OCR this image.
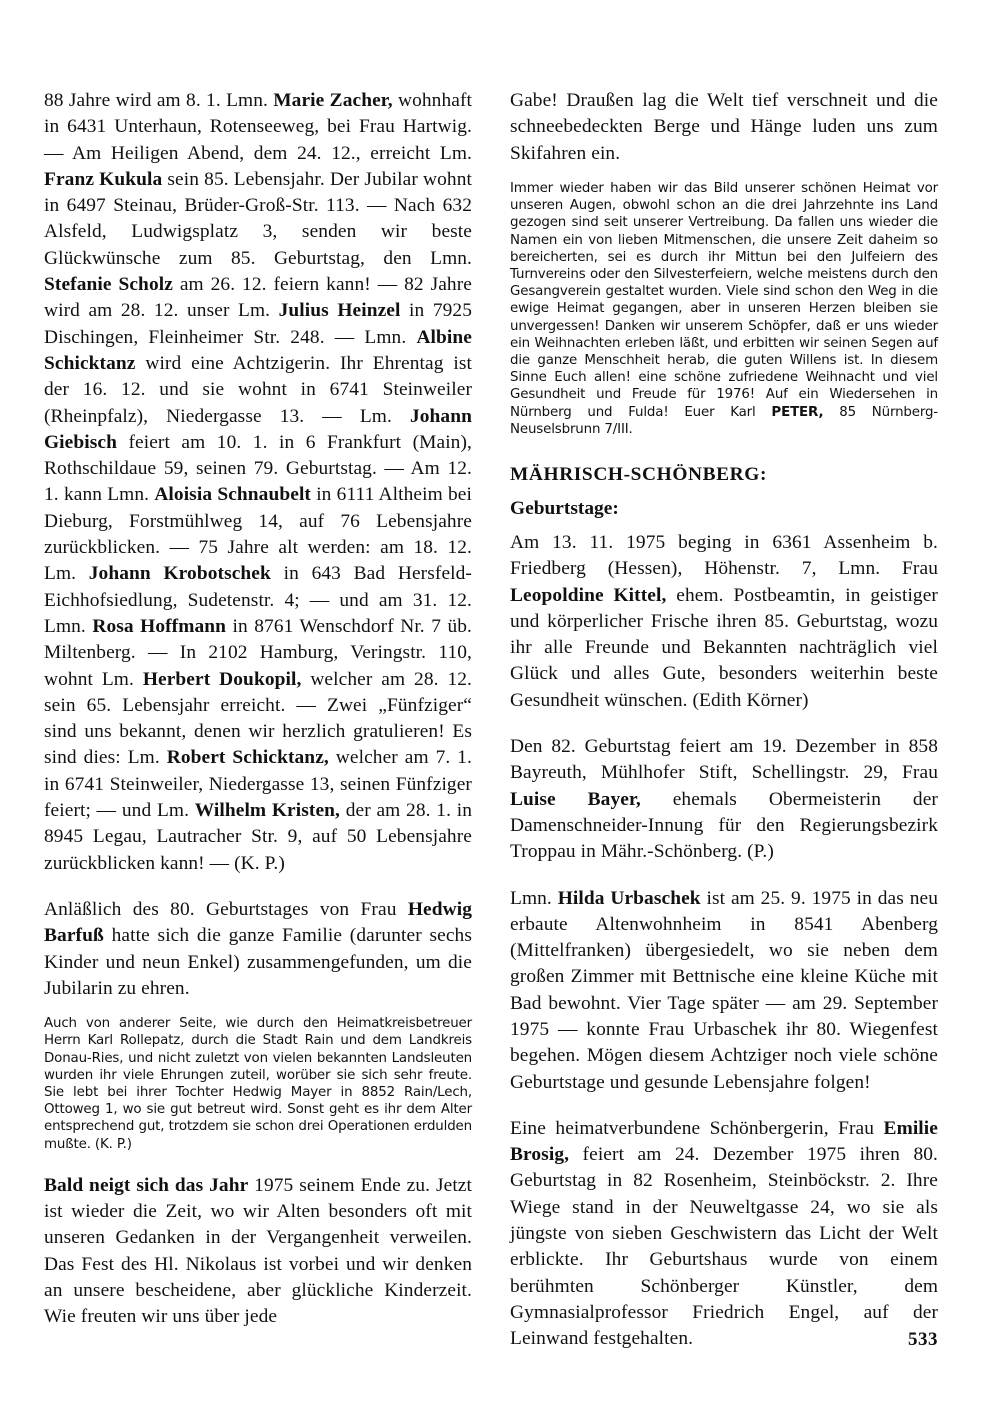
88 Jahre wird am 8. 1. Lmn. Marie Zacher, wohnhaft in 6431 Unterhaun, Rotenseeweg, bei Frau Hartwig. — Am Heiligen Abend, dem 24. 12., erreicht Lm. Franz Kukula sein 85. Lebensjahr. Der Jubilar wohnt in 6497 Steinau, Brüder-Groß-Str. 113. — Nach 632 Alsfeld, Ludwigsplatz 3, senden wir beste Glückwünsche zum 85. Geburtstag, den Lmn. Stefanie Scholz am 26. 12. feiern kann! — 82 Jahre wird am 28. 12. unser Lm. Julius Heinzel in 7925 Dischingen, Fleinheimer Str. 248. — Lmn. Albine Schicktanz wird eine Achtzigerin. Ihr Ehrentag ist der 16. 12. und sie wohnt in 6741 Steinweiler (Rheinpfalz), Niedergasse 13. — Lm. Johann Giebisch feiert am 10. 1. in 6 Frankfurt (Main), Rothschildaue 59, seinen 79. Geburtstag. — Am 12. 1. kann Lmn. Aloisia Schnaubelt in 6111 Altheim bei Dieburg, Forstmühlweg 14, auf 76 Lebensjahre zurückblicken. — 75 Jahre alt werden: am 18. 12. Lm. Johann Krobotschek in 643 Bad Hersfeld-Eichhofsiedlung, Sudetenstr. 4; — und am 31. 12. Lmn. Rosa Hoffmann in 8761 Wenschdorf Nr. 7 üb. Miltenberg. — In 2102 Hamburg, Veringstr. 110, wohnt Lm. Herbert Doukopil, welcher am 28. 12. sein 65. Lebensjahr erreicht. — Zwei „Fünfziger“ sind uns bekannt, denen wir herzlich gratulieren! Es sind dies: Lm. Robert Schicktanz, welcher am 7. 1. in 6741 Steinweiler, Niedergasse 13, seinen Fünfziger feiert; — und Lm. Wilhelm Kristen, der am 28. 1. in 8945 Legau, Lautracher Str. 9, auf 50 Lebensjahre zurückblicken kann! — (K. P.)

Anläßlich des 80. Geburtstages von Frau Hedwig Barfuß hatte sich die ganze Familie (darunter sechs Kinder und neun Enkel) zusammengefunden, um die Jubilarin zu ehren.

Auch von anderer Seite, wie durch den Heimatkreisbetreuer Herrn Karl Rollepatz, durch die Stadt Rain und dem Landkreis Donau-Ries, und nicht zuletzt von vielen bekannten Landsleuten wurden ihr viele Ehrungen zuteil, worüber sie sich sehr freute. Sie lebt bei ihrer Tochter Hedwig Mayer in 8852 Rain/Lech, Ottoweg 1, wo sie gut betreut wird. Sonst geht es ihr dem Alter entsprechend gut, trotzdem sie schon drei Operationen erdulden mußte. (K. P.)

Bald neigt sich das Jahr 1975 seinem Ende zu. Jetzt ist wieder die Zeit, wo wir Alten besonders oft mit unseren Gedanken in der Vergangenheit verweilen. Das Fest des Hl. Nikolaus ist vorbei und wir denken an unsere bescheidene, aber glückliche Kinderzeit. Wie freuten wir uns über jede

Gabe! Draußen lag die Welt tief verschneit und die schneebedeckten Berge und Hänge luden uns zum Skifahren ein.

Immer wieder haben wir das Bild unserer schönen Heimat vor unseren Augen, obwohl schon an die drei Jahrzehnte ins Land gezogen sind seit unserer Vertreibung. Da fallen uns wieder die Namen ein von lieben Mitmenschen, die unsere Zeit daheim so bereicherten, sei es durch ihr Mittun bei den Julfeiern des Turnvereins oder den Silvesterfeiern, welche meistens durch den Gesangverein gestaltet wurden. Viele sind schon den Weg in die ewige Heimat gegangen, aber in unseren Herzen bleiben sie unvergessen! Danken wir unserem Schöpfer, daß er uns wieder ein Weihnachten erleben läßt, und erbitten wir seinen Segen auf die ganze Menschheit herab, die guten Willens ist. In diesem Sinne Euch allen! eine schöne zufriedene Weihnacht und viel Gesundheit und Freude für 1976! Auf ein Wiedersehen in Nürnberg und Fulda! Euer Karl PETER, 85 Nürnberg-Neuselsbrunn 7/III.

MÄHRISCH-SCHÖNBERG:

Geburtstage:

Am 13. 11. 1975 beging in 6361 Assenheim b. Friedberg (Hessen), Höhenstr. 7, Lmn. Frau Leopoldine Kittel, ehem. Postbeamtin, in geistiger und körperlicher Frische ihren 85. Geburtstag, wozu ihr alle Freunde und Bekannten nachträglich viel Glück und alles Gute, besonders weiterhin beste Gesundheit wünschen. (Edith Körner)

Den 82. Geburtstag feiert am 19. Dezember in 858 Bayreuth, Mühlhofer Stift, Schellingstr. 29, Frau Luise Bayer, ehemals Obermeisterin der Damenschneider-Innung für den Regierungsbezirk Troppau in Mähr.-Schönberg. (P.)

Lmn. Hilda Urbaschek ist am 25. 9. 1975 in das neu erbaute Altenwohnheim in 8541 Abenberg (Mittelfranken) übergesiedelt, wo sie neben dem großen Zimmer mit Bettnische eine kleine Küche mit Bad bewohnt. Vier Tage später — am 29. September 1975 — konnte Frau Urbaschek ihr 80. Wiegenfest begehen. Mögen diesem Achtziger noch viele schöne Geburtstage und gesunde Lebensjahre folgen!

Eine heimatverbundene Schönbergerin, Frau Emilie Brosig, feiert am 24. Dezember 1975 ihren 80. Geburtstag in 82 Rosenheim, Steinböckstr. 2. Ihre Wiege stand in der Neuweltgasse 24, wo sie als jüngste von sieben Geschwistern das Licht der Welt erblickte. Ihr Geburtshaus wurde von einem berühmten Schönberger Künstler, dem Gymnasialprofessor Friedrich Engel, auf der Leinwand festgehalten.	533
